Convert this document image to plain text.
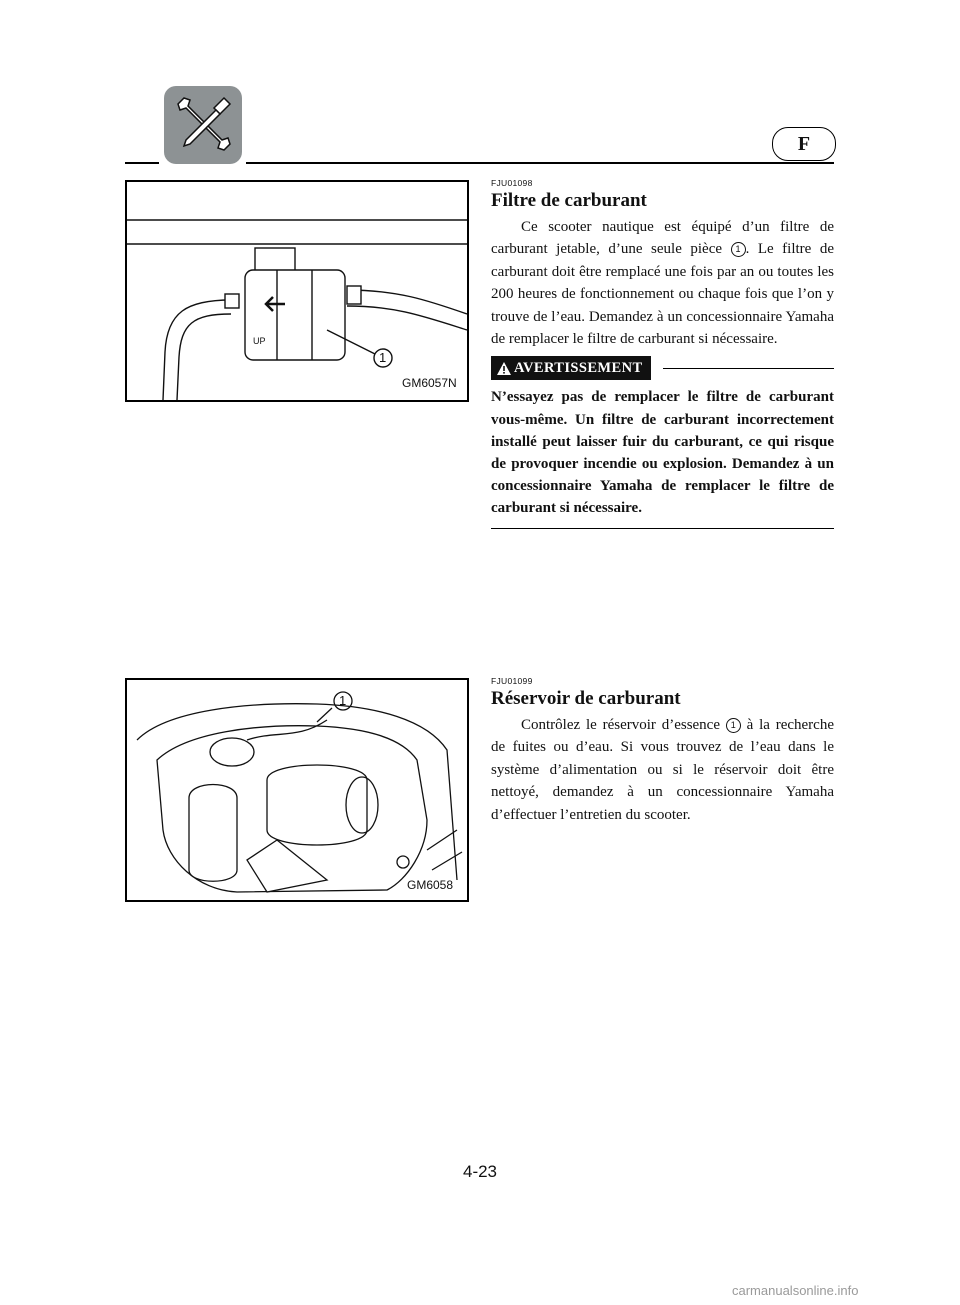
F
UP
1
GM6057N
1
GM6058
FJU01098
Filtre de carburant

Ce scooter nautique est équipé d’un filtre de carburant jetable, d’une seule pièce 1 . Le filtre de carburant doit être remplacé une fois par an ou toutes les 200 heures de fonctionnement ou chaque fois que l’on y trouve de l’eau. Demandez à un concessionnaire Yamaha de remplacer le filtre de carburant si nécessaire.

AVERTISSEMENT

N’essayez pas de remplacer le filtre de carburant vous-même. Un filtre de carburant incorrectement installé peut laisser fuir du carburant, ce qui risque de provoquer incendie ou explosion. Demandez à un concessionnaire Yamaha de remplacer le filtre de carburant si nécessaire.

FJU01099
Réservoir de carburant

Contrôlez le réservoir d’essence 1 à la recherche de fuites ou d’eau. Si vous trouvez de l’eau dans le système d’alimentation ou si le réservoir doit être nettoyé, demandez à un concessionnaire Yamaha d’effectuer l’entretien du scooter.

4-23
carmanualsonline.info
